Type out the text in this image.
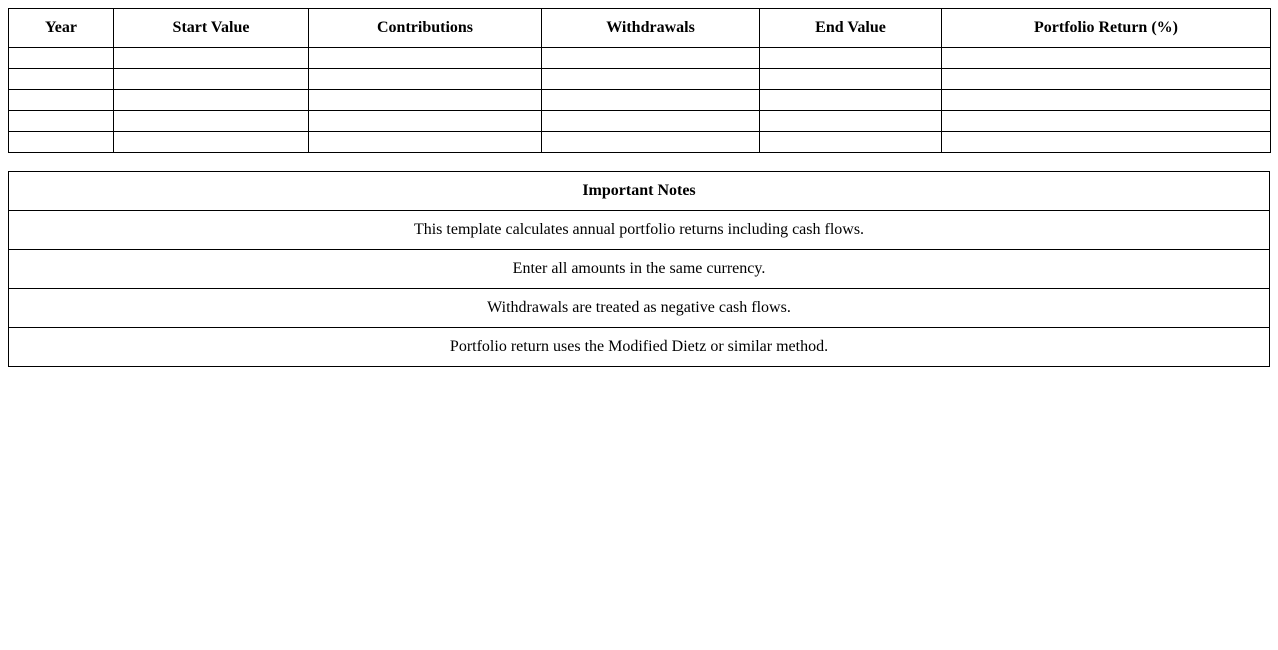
Year	Start Value	Contributions	Withdrawals	End Value	Portfolio Return (%)

Important Notes
This template calculates annual portfolio returns including cash flows.
Enter all amounts in the same currency.
Withdrawals are treated as negative cash flows.
Portfolio return uses the Modified Dietz or similar method.
